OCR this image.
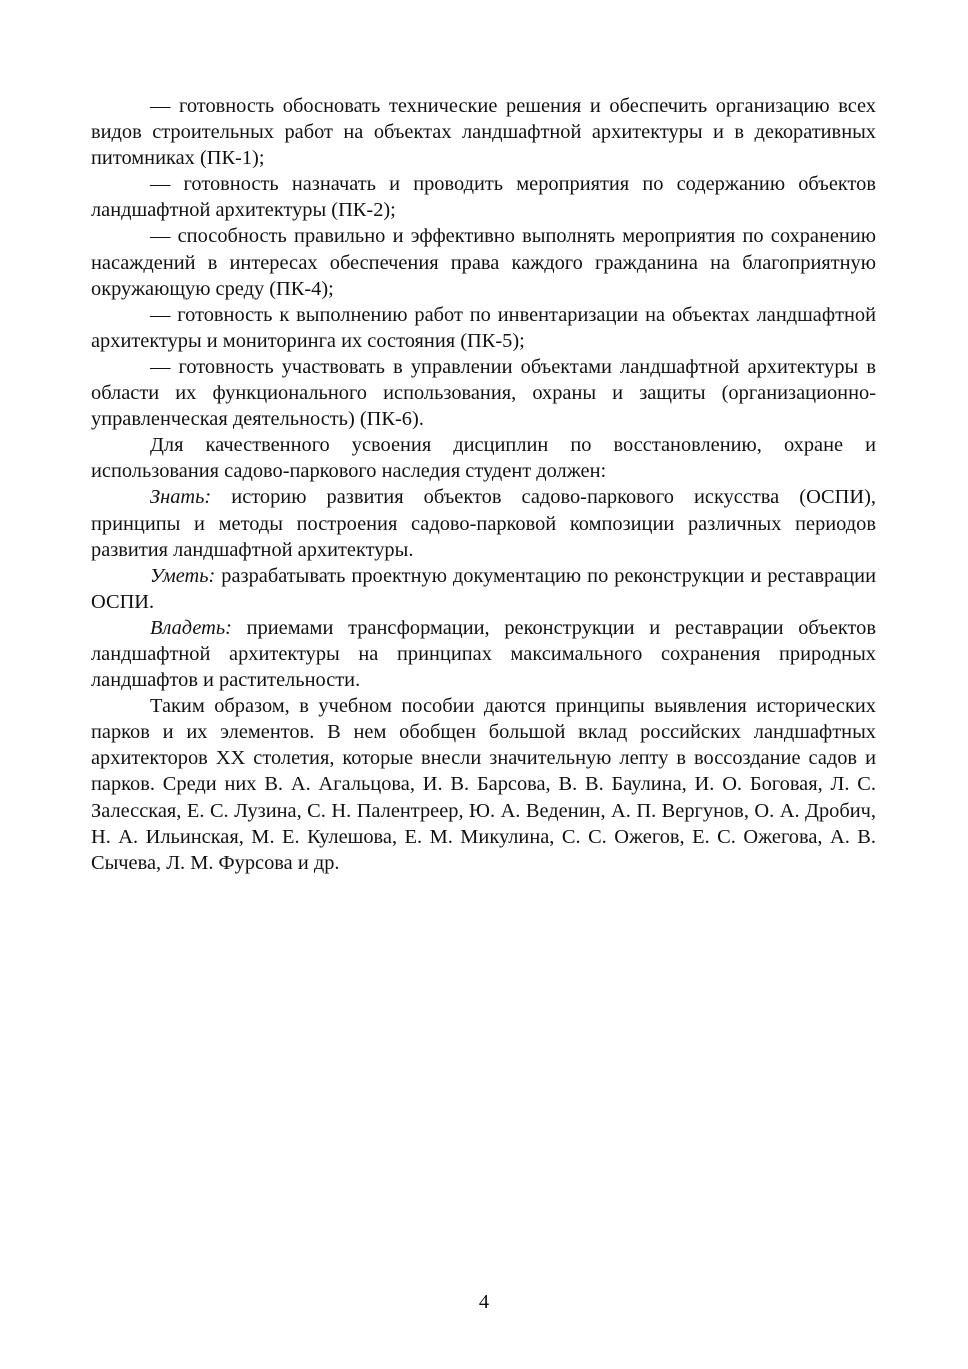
— готовность обосновать технические решения и обеспечить организацию всех видов строительных работ на объектах ландшафтной архитектуры и в декоративных питомниках (ПК-1);

— готовность назначать и проводить мероприятия по содержанию объектов ландшафтной архитектуры (ПК-2);

— способность правильно и эффективно выполнять мероприятия по сохранению насаждений в интересах обеспечения права каждого гражданина на благоприятную окружающую среду (ПК-4);

— готовность к выполнению работ по инвентаризации на объектах ландшафтной архитектуры и мониторинга их состояния (ПК-5);

— готовность участвовать в управлении объектами ландшафтной архитектуры в области их функционального использования, охраны и защиты (организационно-управленческая деятельность) (ПК-6).

Для качественного усвоения дисциплин по восстановлению, охране и использования садово-паркового наследия студент должен:

Знать: историю развития объектов садово-паркового искусства (ОСПИ), принципы и методы построения садово-парковой композиции различных периодов развития ландшафтной архитектуры.

Уметь: разрабатывать проектную документацию по реконструкции и реставрации ОСПИ.

Владеть: приемами трансформации, реконструкции и реставрации объектов ландшафтной архитектуры на принципах максимального сохранения природных ландшафтов и растительности.

Таким образом, в учебном пособии даются принципы выявления исторических парков и их элементов. В нем обобщен большой вклад российских ландшафтных архитекторов XX столетия, которые внесли значительную лепту в воссоздание садов и парков. Среди них В. А. Агальцова, И. В. Барсова, В. В. Баулина, И. О. Боговая, Л. С. Залесская, Е. С. Лузина, С. Н. Палентреер, Ю. А. Веденин, А. П. Вергунов, О. А. Дробич, Н. А. Ильинская, М. Е. Кулешова, Е. М. Микулина, С. С. Ожегов, Е. С. Ожегова, А. В. Сычева, Л. М. Фурсова и др.

4
